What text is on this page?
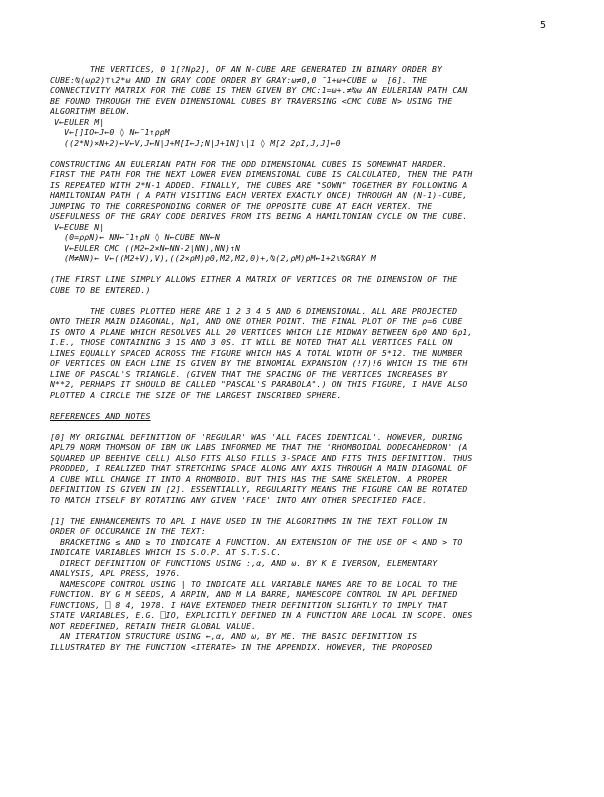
5
THE VERTICES, 0 1[?Nρ2], OF AN N-CUBE ARE GENERATED IN BINARY ORDER BY
CUBE:⍉(ωρ2)⊤⍳2*ω AND IN GRAY CODE ORDER BY GRAY:ω≠0,0 ¯1+ω+CUBE ω  [6]. THE
CONNECTIVITY MATRIX FOR THE CUBE IS THEN GIVEN BY CMC:1=ω+.≠⍉ω AN EULERIAN PATH CAN
BE FOUND THROUGH THE EVEN DIMENSIONAL CUBES BY TRAVERSING <CMC CUBE N> USING THE
ALGORITHM BELOW.
V←EULER M|
V←[]IO←J←0 ◊ N←¯1↑ρρM
((2*N)×N+2)←V←V,J←N|J+M[I←J;N|J+1N]⍳∣1 ◊ M[2 2ρI,J,J]←0
CONSTRUCTING AN EULERIAN PATH FOR THE ODD DIMENSIONAL CUBES IS SOMEWHAT HARDER.
FIRST THE PATH FOR THE NEXT LOWER EVEN DIMENSIONAL CUBE IS CALCULATED, THEN THE PATH
IS REPEATED WITH 2*N-1 ADDED. FINALLY, THE CUBES ARE "SOWN" TOGETHER BY FOLLOWING A
HAMILTONIAN PATH ( A PATH VISITING EACH VERTEX EXACTLY ONCE) THROUGH AN (N-1)-CUBE,
JUMPING TO THE CORRESPONDING CORNER OF THE OPPOSITE CUBE AT EACH VERTEX. THE
USEFULNESS OF THE GRAY CODE DERIVES FROM ITS BEING A HAMILTONIAN CYCLE ON THE CUBE.
V←ECUBE N|
(0=ρρN)← NN←¯1↑ρN ◊ N←CUBE NN←N
V←EULER CMC ((M2←2×N←NN-2|NN),NN)↑N
(M≠NN)← V←((M2+V),V),((2×ρM)ρ0,M2,M2,0)+,⍉(2,ρM)ρM←1+2⍳⍉GRAY M
(THE FIRST LINE SIMPLY ALLOWS EITHER A MATRIX OF VERTICES OR THE DIMENSION OF THE
CUBE TO BE ENTERED.)
THE CUBES PLOTTED HERE ARE 1 2 3 4 5 AND 6 DIMENSIONAL. ALL ARE PROJECTED
ONTO THEIR MAIN DIAGONAL, Nρ1, AND ONE OTHER POINT. THE FINAL PLOT OF THE ρ=6 CUBE
IS ONTO A PLANE WHICH RESOLVES ALL 20 VERTICES WHICH LIE MIDWAY BETWEEN 6ρ0 AND 6ρ1,
I.E., THOSE CONTAINING 3 1S AND 3 0S. IT WILL BE NOTED THAT ALL VERTICES FALL ON
LINES EQUALLY SPACED ACROSS THE FIGURE WHICH HAS A TOTAL WIDTH OF 5*12. THE NUMBER
OF VERTICES ON EACH LINE IS GIVEN BY THE BINOMIAL EXPANSION (!7)!6 WHICH IS THE 6TH
LINE OF PASCAL'S TRIANGLE. (GIVEN THAT THE SPACING OF THE VERTICES INCREASES BY
N**2, PERHAPS IT SHOULD BE CALLED "PASCAL'S PARABOLA".) ON THIS FIGURE, I HAVE ALSO
PLOTTED A CIRCLE THE SIZE OF THE LARGEST INSCRIBED SPHERE.
REFERENCES AND NOTES
[0] MY ORIGINAL DEFINITION OF 'REGULAR' WAS 'ALL FACES IDENTICAL'. HOWEVER, DURING
APL79 NORM THOMSON OF IBM UK LABS INFORMED ME THAT THE 'RHOMBOIDAL DODECAHEDRON' (A
SQUARED UP BEEHIVE CELL) ALSO FITS ALSO FILLS 3-SPACE AND FITS THIS DEFINITION. THUS
PRODDED, I REALIZED THAT STRETCHING SPACE ALONG ANY AXIS THROUGH A MAIN DIAGONAL OF
A CUBE WILL CHANGE IT INTO A RHOMBOID. BUT THIS HAS THE SAME SKELETON. A PROPER
DEFINITION IS GIVEN IN [2]. ESSENTIALLY, REGULARITY MEANS THE FIGURE CAN BE ROTATED
TO MATCH ITSELF BY ROTATING ANY GIVEN 'FACE' INTO ANY OTHER SPECIFIED FACE.
[1] THE ENHANCEMENTS TO APL I HAVE USED IN THE ALGORITHMS IN THE TEXT FOLLOW IN
ORDER OF OCCURANCE IN THE TEXT:
BRACKETING ≤ AND ≥ TO INDICATE A FUNCTION. AN EXTENSION OF THE USE OF < AND > TO
INDICATE VARIABLES WHICH IS S.O.P. AT S.T.S.C.
DIRECT DEFINITION OF FUNCTIONS USING :,α, AND ω. BY K E IVERSON, ELEMENTARY
ANALYSIS, APL PRESS, 1976.
NAMESCOPE CONTROL USING | TO INDICATE ALL VARIABLE NAMES ARE TO BE LOCAL TO THE
FUNCTION. BY G M SEEDS, A ARPIN, AND M LA BARRE, NAMESCOPE CONTROL IN APL DEFINED
FUNCTIONS, ⎕ 8 4, 1978. I HAVE EXTENDED THEIR DEFINITION SLIGHTLY TO IMPLY THAT
STATE VARIABLES, E.G. ⎕IO, EXPLICITLY DEFINED IN A FUNCTION ARE LOCAL IN SCOPE. ONES
NOT REDEFINED, RETAIN THEIR GLOBAL VALUE.
AN ITERATION STRUCTURE USING ←,α, AND ω, BY ME. THE BASIC DEFINITION IS
ILLUSTRATED BY THE FUNCTION <ITERATE> IN THE APPENDIX. HOWEVER, THE PROPOSED
